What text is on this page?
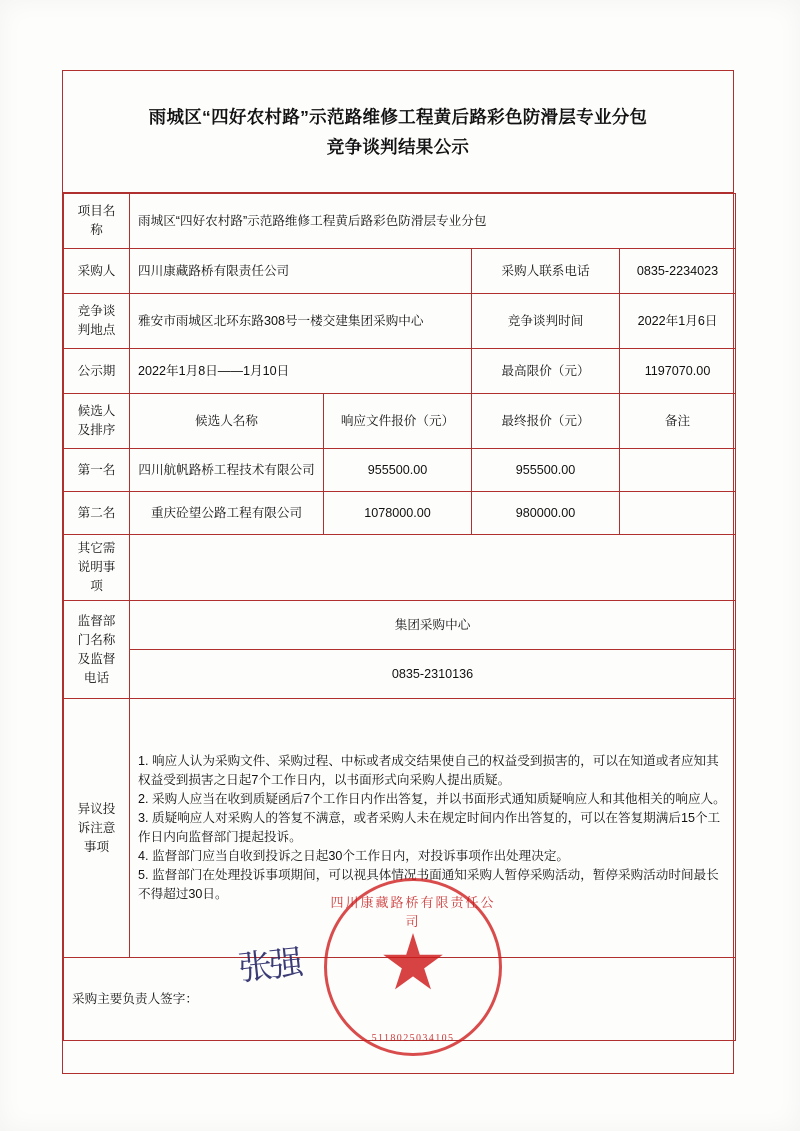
雨城区“四好农村路”示范路维修工程黄后路彩色防滑层专业分包
竞争谈判结果公示
项目名称	雨城区“四好农村路”示范路维修工程黄后路彩色防滑层专业分包			
采购人	四川康藏路桥有限责任公司		采购人联系电话	0835-2234023
竞争谈判地点	雅安市雨城区北环东路308号一楼交建集团采购中心		竞争谈判时间	2022年1月6日
公示期	2022年1月8日——1月10日		最高限价（元）	1197070.00
候选人及排序	候选人名称	响应文件报价（元）	最终报价（元）	备注
第一名	四川航帆路桥工程技术有限公司	955500.00	955500.00	
第二名	重庆砼望公路工程有限公司	1078000.00	980000.00	
其它需说明事项				
监督部门名称及监督电话	集团采购中心			
	0835-2310136			
异议投诉注意事项	1. 响应人认为采购文件、采购过程、中标或者成交结果使自己的权益受到损害的，可以在知道或者应知其权益受到损害之日起7个工作日内，以书面形式向采购人提出质疑。

2. 采购人应当在收到质疑函后7个工作日内作出答复，并以书面形式通知质疑响应人和其他相关的响应人。

3. 质疑响应人对采购人的答复不满意，或者采购人未在规定时间内作出答复的，可以在答复期满后15个工作日内向监督部门提起投诉。

4. 监督部门应当自收到投诉之日起30个工作日内，对投诉事项作出处理决定。

5. 监督部门在处理投诉事项期间，可以视具体情况书面通知采购人暂停采购活动，暂停采购活动时间最长不得超过30日。			

采购主要负责人签字：				
张强
四川康藏路桥有限责任公司
5118025034105
